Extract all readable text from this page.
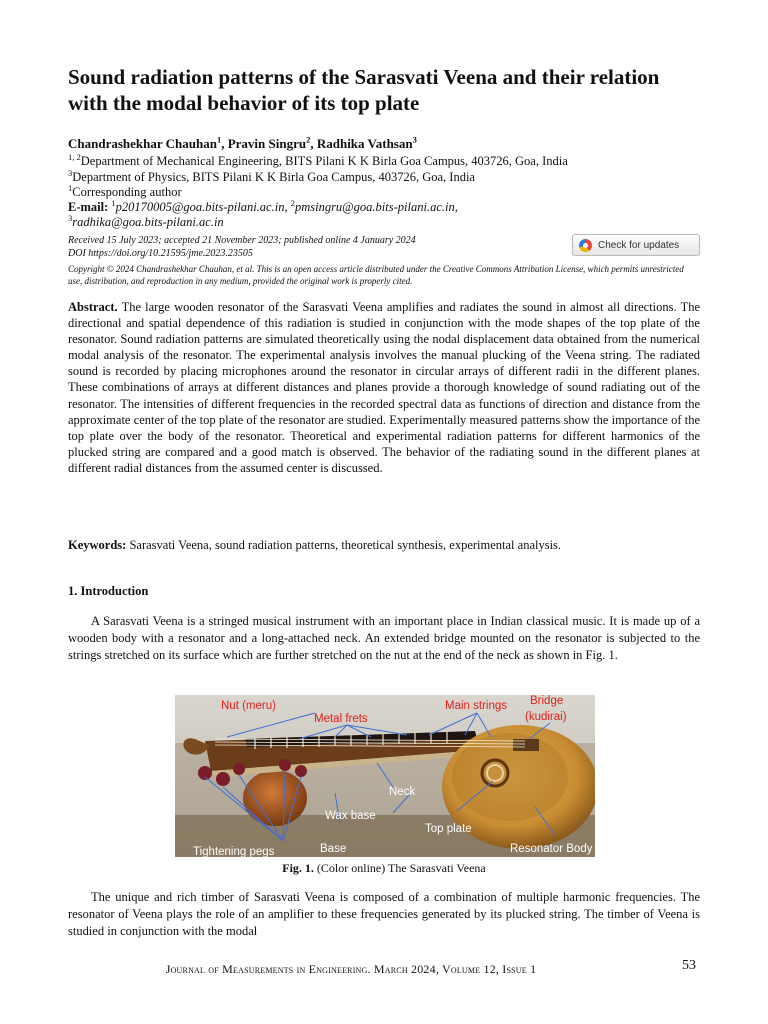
Sound radiation patterns of the Sarasvati Veena and their relation with the modal behavior of its top plate
Chandrashekhar Chauhan$^1$, Pravin Singru$^2$, Radhika Vathsan$^3$
$^{1, 2}$Department of Mechanical Engineering, BITS Pilani K K Birla Goa Campus, 403726, Goa, India
$^3$Department of Physics, BITS Pilani K K Birla Goa Campus, 403726, Goa, India
$^1$Corresponding author
E-mail: $^1$p20170005@goa.bits-pilani.ac.in, $^2$pmsingru@goa.bits-pilani.ac.in,
$^3$radhika@goa.bits-pilani.ac.in
Received 15 July 2023; accepted 21 November 2023; published online 4 January 2024
DOI https://doi.org/10.21595/jme.2023.23505
Check for updates
Copyright © 2024 Chandrashekhar Chauhan, et al. This is an open access article distributed under the Creative Commons Attribution License, which permits unrestricted use, distribution, and reproduction in any medium, provided the original work is properly cited.
Abstract. The large wooden resonator of the Sarasvati Veena amplifies and radiates the sound in almost all directions. The directional and spatial dependence of this radiation is studied in conjunction with the mode shapes of the top plate of the resonator. Sound radiation patterns are simulated theoretically using the nodal displacement data obtained from the numerical modal analysis of the resonator. The experimental analysis involves the manual plucking of the Veena string. The radiated sound is recorded by placing microphones around the resonator in circular arrays of different radii in the different planes. These combinations of arrays at different distances and planes provide a thorough knowledge of sound radiating out of the resonator. The intensities of different frequencies in the recorded spectral data as functions of direction and distance from the approximate center of the top plate of the resonator are studied. Experimentally measured patterns show the importance of the top plate over the body of the resonator. Theoretical and experimental radiation patterns for different harmonics of the plucked string are compared and a good match is observed. The behavior of the radiating sound in the different planes at different radial distances from the assumed center is discussed.
Keywords: Sarasvati Veena, sound radiation patterns, theoretical synthesis, experimental analysis.
1. Introduction
A Sarasvati Veena is a stringed musical instrument with an important place in Indian classical music. It is made up of a wooden body with a resonator and a long-attached neck. An extended bridge mounted on the resonator is subjected to the strings stretched on its surface which are further stretched on the nut at the end of the neck as shown in Fig. 1.
Nut (meru)
Metal frets
Main strings Bridge
(kudirai)
Neck
Wax base
Top plate
Tightening pegs	Base	Resonator Body
Fig. 1. (Color online) The Sarasvati Veena
The unique and rich timber of Sarasvati Veena is composed of a combination of multiple harmonic frequencies. The resonator of Veena plays the role of an amplifier to these frequencies generated by its plucked string. The timber of Veena is studied in conjunction with the modal
Journal of Measurements in Engineering. March 2024, Volume 12, Issue 1	53
